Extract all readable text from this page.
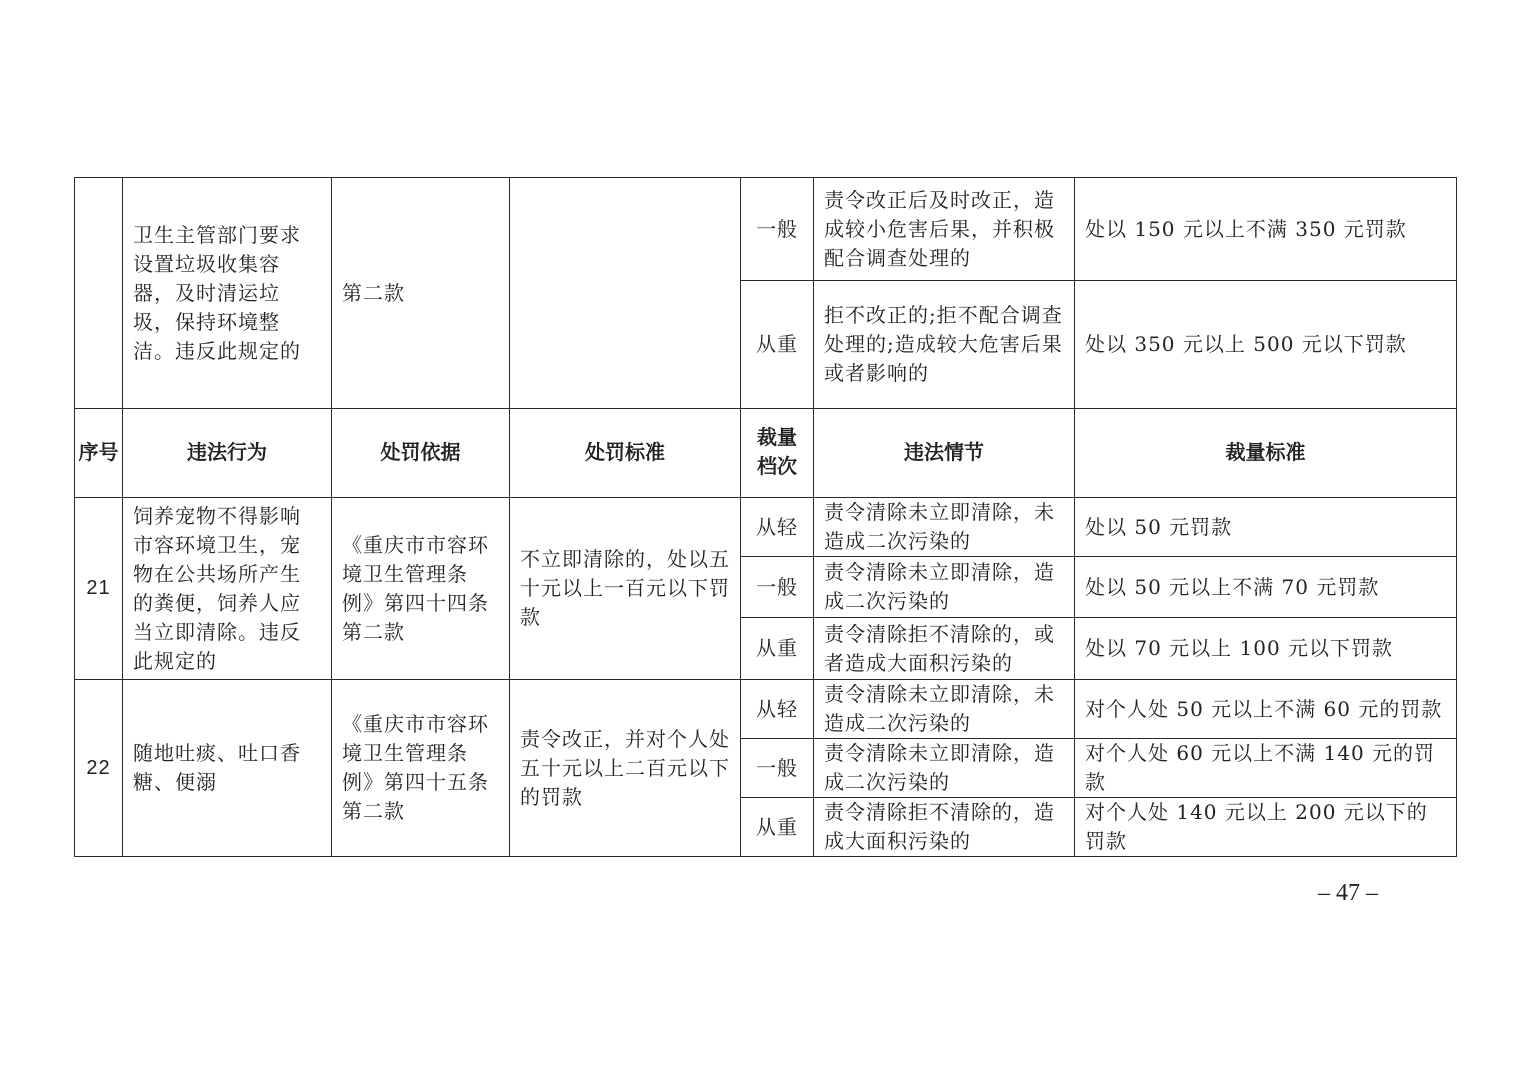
	卫生主管部门要求设置垃圾收集容器，及时清运垃圾，保持环境整洁。违反此规定的	第二款		一般	责令改正后及时改正，造成较小危害后果，并积极配合调查处理的	处以 150 元以上不满 350 元罚款
				从重	拒不改正的;拒不配合调查处理的;造成较大危害后果或者影响的	处以 350 元以上 500 元以下罚款
序号	违法行为	处罚依据	处罚标准	裁量档次	违法情节	裁量标准
21	饲养宠物不得影响市容环境卫生，宠物在公共场所产生的粪便，饲养人应当立即清除。违反此规定的	《重庆市市容环境卫生管理条例》第四十四条第二款	不立即清除的，处以五十元以上一百元以下罚款	从轻	责令清除未立即清除，未造成二次污染的	处以 50 元罚款
				一般	责令清除未立即清除，造成二次污染的	处以 50 元以上不满 70 元罚款
				从重	责令清除拒不清除的，或者造成大面积污染的	处以 70 元以上 100 元以下罚款
22	随地吐痰、吐口香糖、便溺	《重庆市市容环境卫生管理条例》第四十五条第二款	责令改正，并对个人处五十元以上二百元以下的罚款	从轻	责令清除未立即清除，未造成二次污染的	对个人处 50 元以上不满 60 元的罚款
				一般	责令清除未立即清除，造成二次污染的	对个人处 60 元以上不满 140 元的罚款
				从重	责令清除拒不清除的，造成大面积污染的	对个人处 140 元以上 200 元以下的罚款
– 47 –
